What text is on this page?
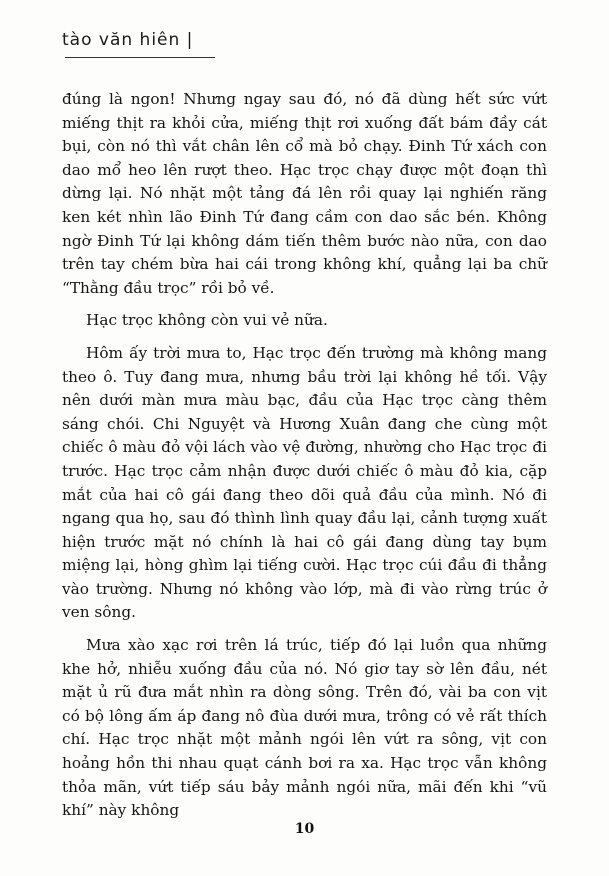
tào văn hiên |

đúng là ngon! Nhưng ngay sau đó, nó đã dùng hết sức vứt miếng thịt ra khỏi cửa, miếng thịt rơi xuống đất bám đầy cát bụi, còn nó thì vắt chân lên cổ mà bỏ chạy. Đinh Tứ xách con dao mổ heo lên rượt theo. Hạc trọc chạy được một đoạn thì dừng lại. Nó nhặt một tảng đá lên rồi quay lại nghiến răng ken két nhìn lão Đinh Tứ đang cầm con dao sắc bén. Không ngờ Đinh Tứ lại không dám tiến thêm bước nào nữa, con dao trên tay chém bừa hai cái trong không khí, quẳng lại ba chữ “Thằng đầu trọc” rồi bỏ về.

Hạc trọc không còn vui vẻ nữa.

Hôm ấy trời mưa to, Hạc trọc đến trường mà không mang theo ô. Tuy đang mưa, nhưng bầu trời lại không hề tối. Vậy nên dưới màn mưa màu bạc, đầu của Hạc trọc càng thêm sáng chói. Chi Nguyệt và Hương Xuân đang che cùng một chiếc ô màu đỏ vội lách vào vệ đường, nhường cho Hạc trọc đi trước. Hạc trọc cảm nhận được dưới chiếc ô màu đỏ kia, cặp mắt của hai cô gái đang theo dõi quả đầu của mình. Nó đi ngang qua họ, sau đó thình lình quay đầu lại, cảnh tượng xuất hiện trước mặt nó chính là hai cô gái đang dùng tay bụm miệng lại, hòng ghìm lại tiếng cười. Hạc trọc cúi đầu đi thẳng vào trường. Nhưng nó không vào lớp, mà đi vào rừng trúc ở ven sông.

Mưa xào xạc rơi trên lá trúc, tiếp đó lại luồn qua những khe hở, nhiễu xuống đầu của nó. Nó giơ tay sờ lên đầu, nét mặt ủ rũ đưa mắt nhìn ra dòng sông. Trên đó, vài ba con vịt có bộ lông ấm áp đang nô đùa dưới mưa, trông có vẻ rất thích chí. Hạc trọc nhặt một mảnh ngói lên vứt ra sông, vịt con hoảng hồn thi nhau quạt cánh bơi ra xa. Hạc trọc vẫn không thỏa mãn, vứt tiếp sáu bảy mảnh ngói nữa, mãi đến khi “vũ khí” này không

10
